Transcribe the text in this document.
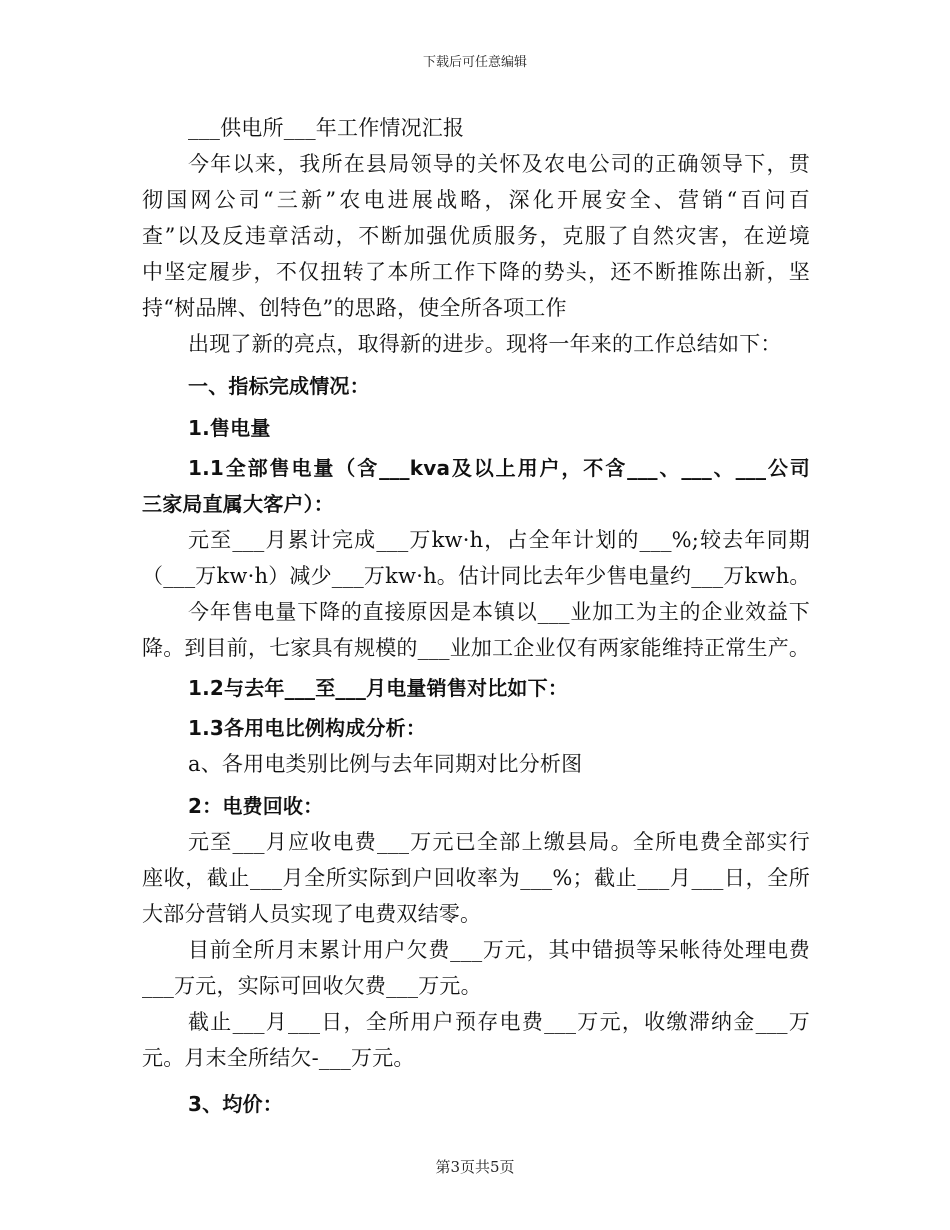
下载后可任意编辑
___供电所___年工作情况汇报
今年以来，我所在县局领导的关怀及农电公司的正确领导下，贯
彻国网公司“三新”农电进展战略，深化开展安全、营销“百问百
查”以及反违章活动，不断加强优质服务，克服了自然灾害，在逆境
中坚定履步，不仅扭转了本所工作下降的势头，还不断推陈出新，坚
持“树品牌、创特色”的思路，使全所各项工作
出现了新的亮点，取得新的进步。现将一年来的工作总结如下：
一、指标完成情况：
1.售电量
1.1全部售电量（含___kva及以上用户，不含___、___、___公司
三家局直属大客户）：
元至___月累计完成___万kw·h，占全年计划的___%;较去年同期
（___万kw·h）减少___万kw·h。估计同比去年少售电量约___万kwh。
今年售电量下降的直接原因是本镇以___业加工为主的企业效益下
降。到目前，七家具有规模的___业加工企业仅有两家能维持正常生产。
1.2与去年___至___月电量销售对比如下：
1.3各用电比例构成分析：
a、各用电类别比例与去年同期对比分析图
2：电费回收：
元至___月应收电费___万元已全部上缴县局。全所电费全部实行
座收，截止___月全所实际到户回收率为___%；截止___月___日，全所
大部分营销人员实现了电费双结零。
目前全所月末累计用户欠费___万元，其中错损等呆帐待处理电费
___万元，实际可回收欠费___万元。
截止___月___日，全所用户预存电费___万元，收缴滞纳金___万
元。月末全所结欠-___万元。
3、均价：
第3页共5页
